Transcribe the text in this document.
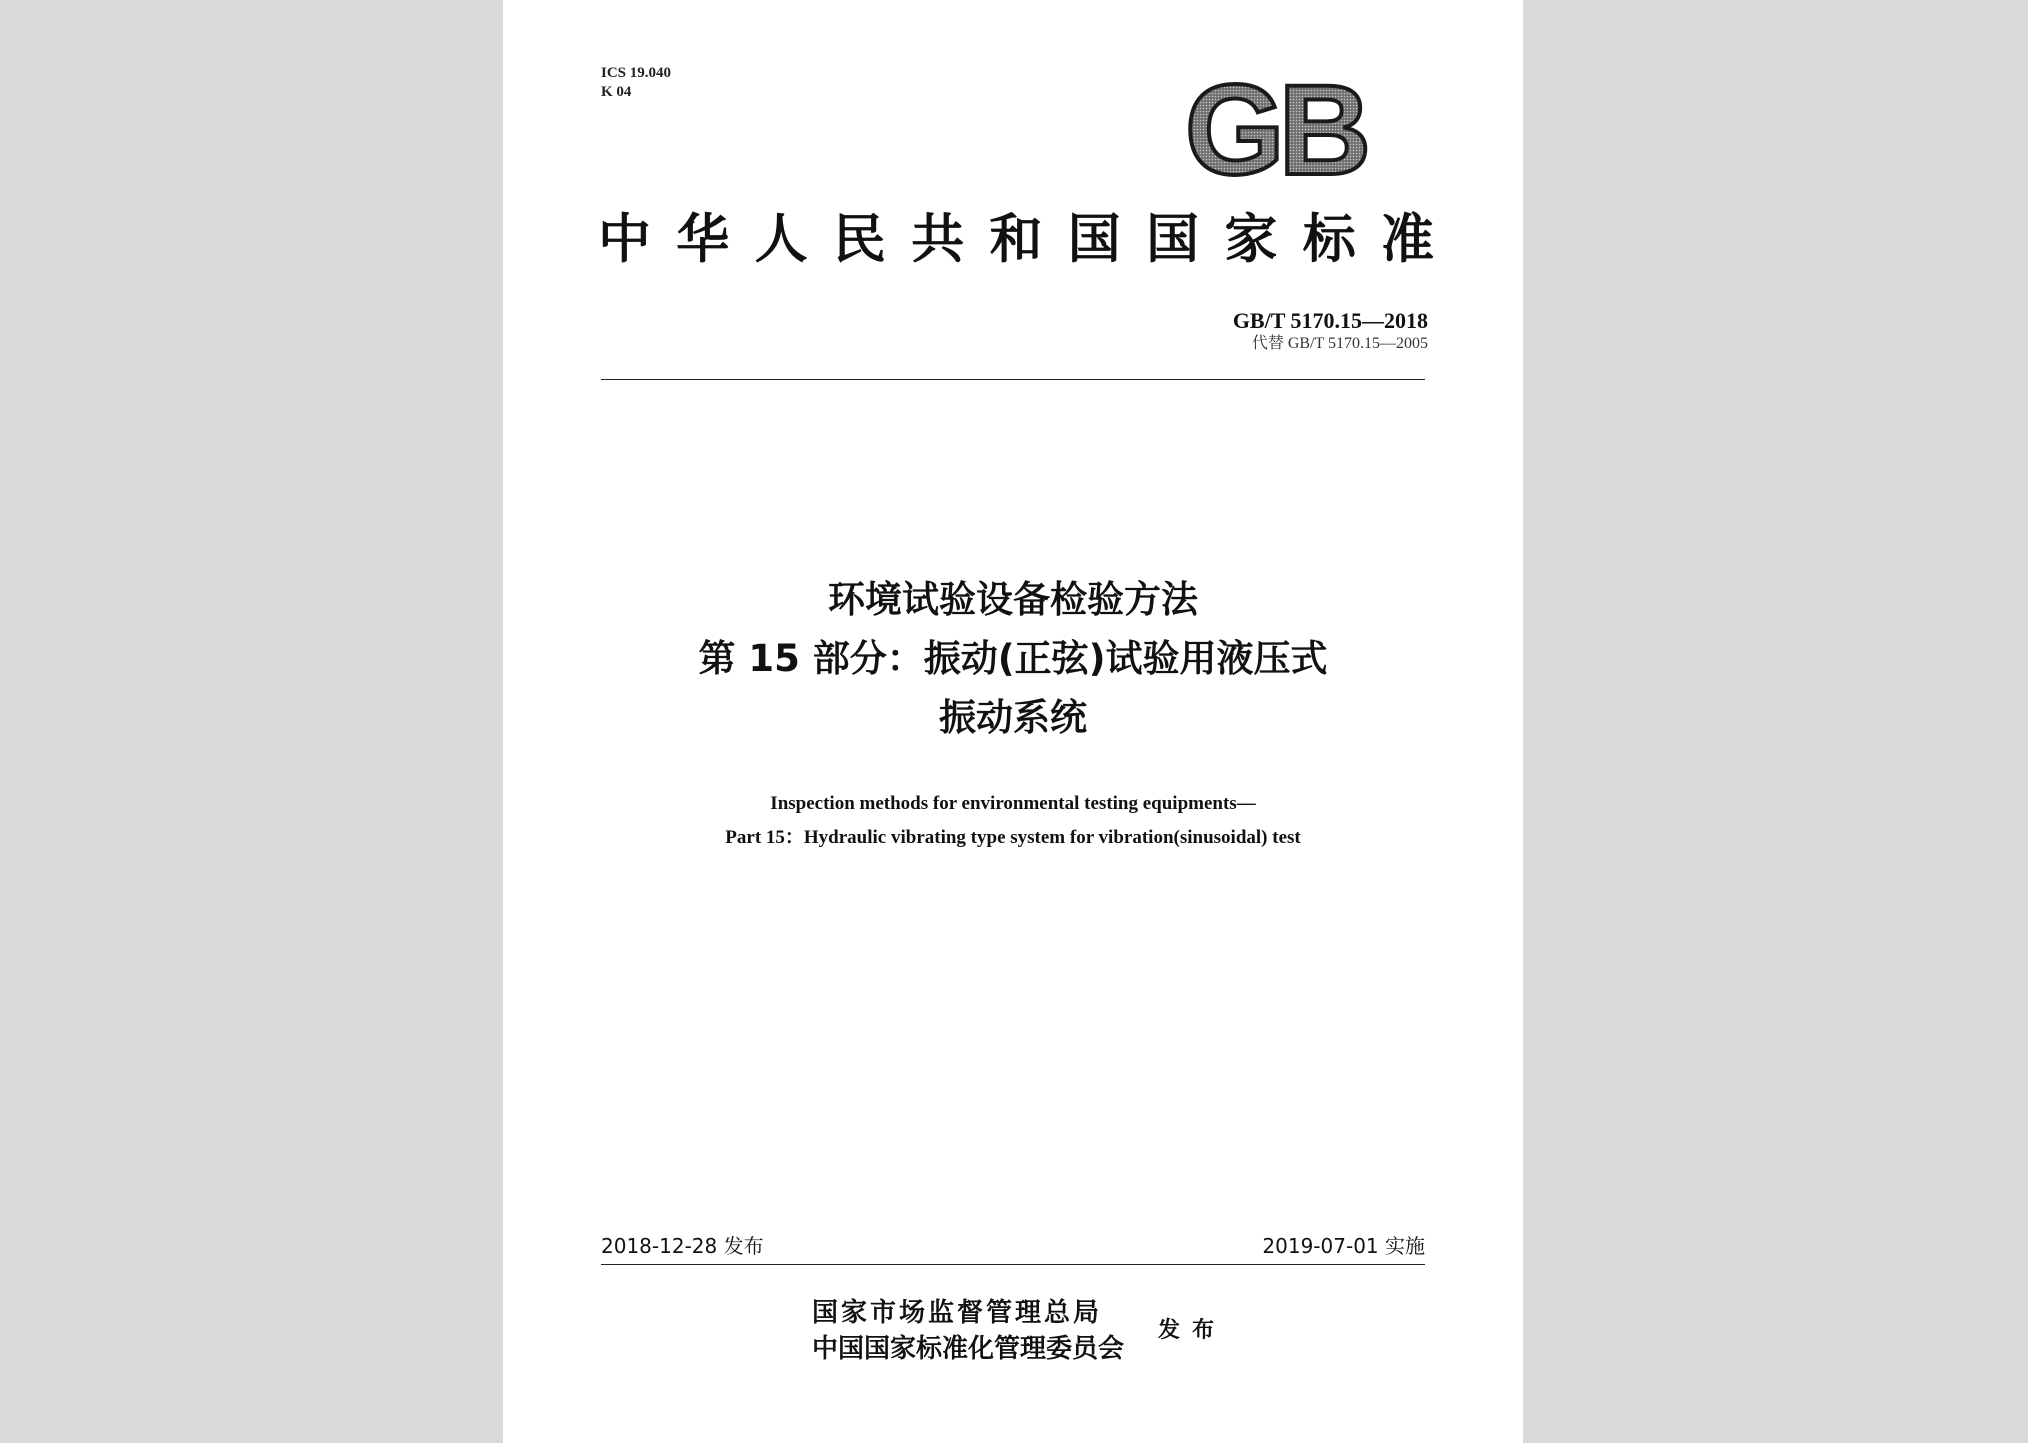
ICS 19.040
K 04	GB
中华人民共和国国家标准
GB/T 5170.15—2018
代替 GB/T 5170.15—2005
环境试验设备检验方法
第 15 部分：振动(正弦)试验用液压式
振动系统
Inspection methods for environmental testing equipments—
Part 15：Hydraulic vibrating type system for vibration(sinusoidal) test
2018-12-28 发布	2019-07-01 实施
国家市场监督管理总局
中国国家标准化管理委员会
发布
